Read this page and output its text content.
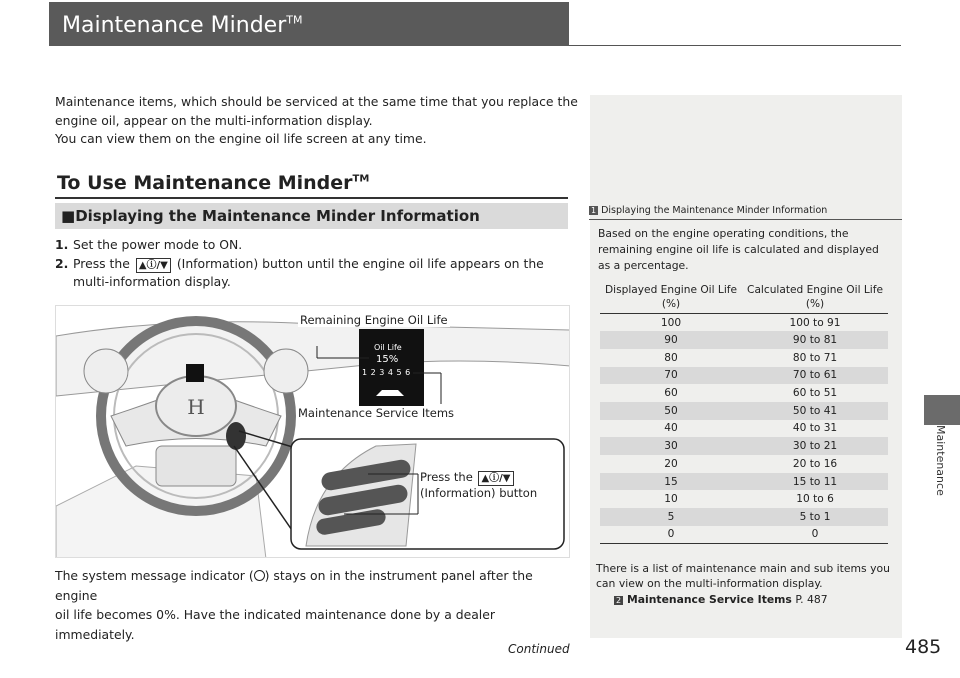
Maintenance Minder™
Maintenance items, which should be serviced at the same time that you replace the
engine oil, appear on the multi-information display.
You can view them on the engine oil life screen at any time.
To Use Maintenance Minder™
■Displaying the Maintenance Minder Information
1. Set the power mode to ON.
2. Press the ▲ⓘ/▼ (Information) button until the engine oil life appears on the
multi-information display.
H
Remaining Engine Oil Life
Maintenance Service Items
Oil Life
15%
A 1 2 3 4 5 6
Press the ▲ⓘ/▼
(Information) button
The system message indicator ( ) stays on in the instrument panel after the engine
oil life becomes 0%. Have the indicated maintenance done by a dealer immediately.
1 Displaying the Maintenance Minder Information
Based on the engine operating conditions, the remaining engine oil life is calculated and displayed as a percentage.
Displayed Engine Oil Life (%)	Calculated Engine Oil Life (%)
100	100 to 91
90	90 to 81
80	80 to 71
70	70 to 61
60	60 to 51
50	50 to 41
40	40 to 31
30	30 to 21
20	20 to 16
15	15 to 11
10	10 to 6
5	5 to 1
0	0
There is a list of maintenance main and sub items you can view on the multi-information display.
2 Maintenance Service Items P. 487
Continued	485
Maintenance
